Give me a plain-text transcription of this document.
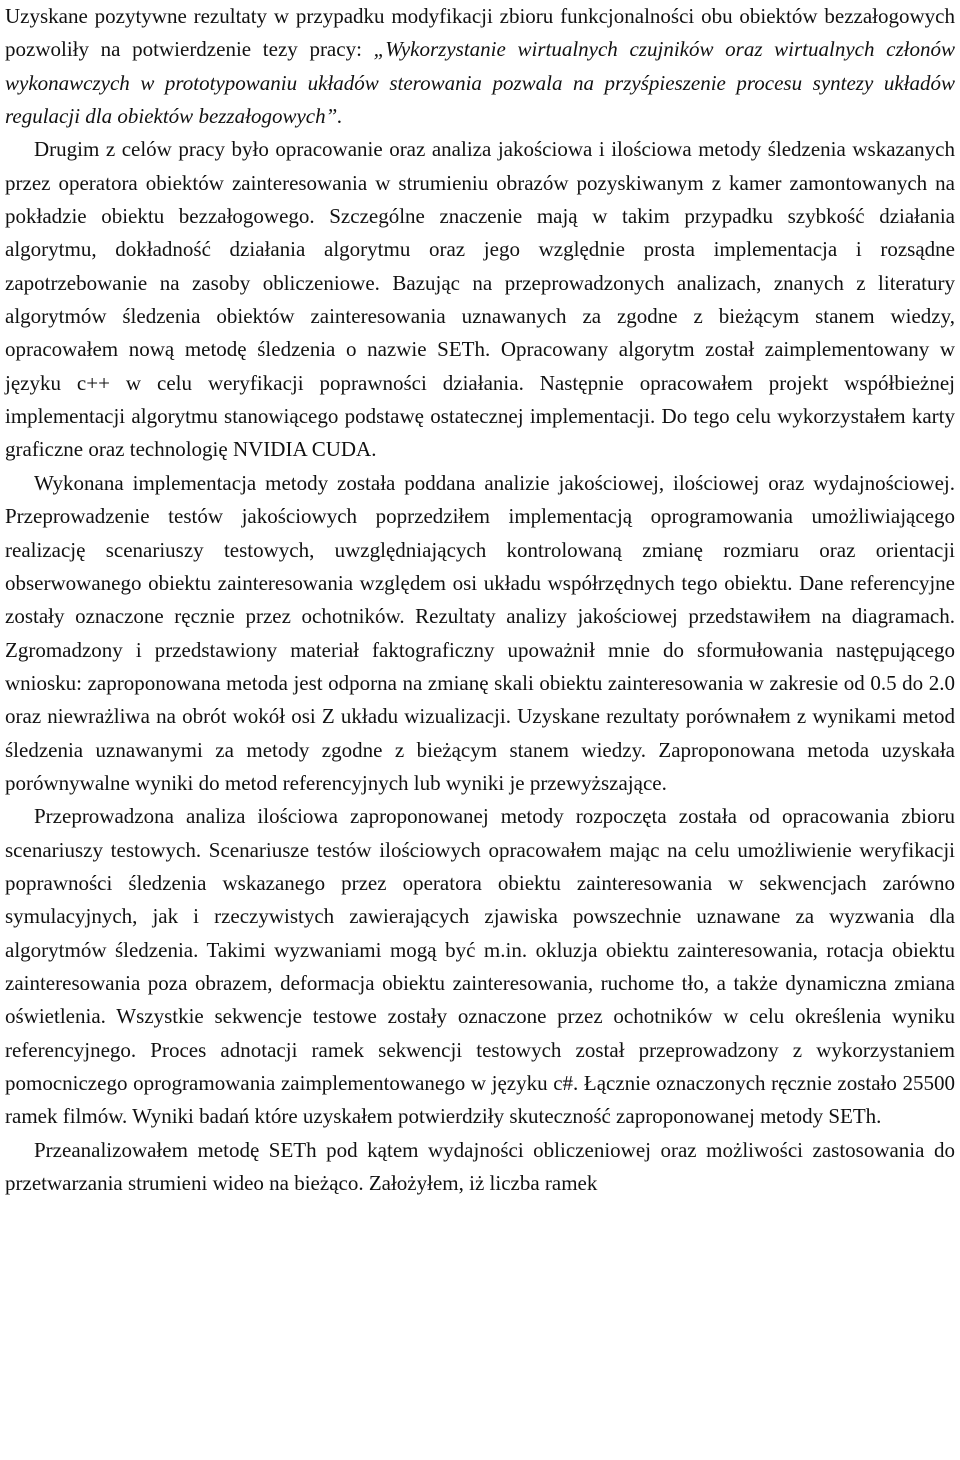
Uzyskane pozytywne rezultaty w przypadku modyfikacji zbioru funkcjonalności obu obiektów bezzałogowych pozwoliły na potwierdzenie tezy pracy: „Wykorzystanie wirtualnych czujników oraz wirtualnych członów wykonawczych w prototypowaniu układów sterowania pozwala na przyśpieszenie procesu syntezy układów regulacji dla obiektów bezzałogowych”.

Drugim z celów pracy było opracowanie oraz analiza jakościowa i ilościowa metody śledzenia wskazanych przez operatora obiektów zainteresowania w strumieniu obrazów pozyskiwanym z kamer zamontowanych na pokładzie obiektu bezzałogowego. Szczególne znaczenie mają w takim przypadku szybkość działania algorytmu, dokładność działania algorytmu oraz jego względnie prosta implementacja i rozsądne zapotrzebowanie na zasoby obliczeniowe. Bazując na przeprowadzonych analizach, znanych z literatury algorytmów śledzenia obiektów zainteresowania uznawanych za zgodne z bieżącym stanem wiedzy, opracowałem nową metodę śledzenia o nazwie SETh. Opracowany algorytm został zaimplementowany w języku c++ w celu weryfikacji poprawności działania. Następnie opracowałem projekt współbieżnej implementacji algorytmu stanowiącego podstawę ostatecznej implementacji. Do tego celu wykorzystałem karty graficzne oraz technologię NVIDIA CUDA.

Wykonana implementacja metody została poddana analizie jakościowej, ilościowej oraz wydajnościowej. Przeprowadzenie testów jakościowych poprzedziłem implementacją oprogramowania umożliwiającego realizację scenariuszy testowych, uwzględniających kontrolowaną zmianę rozmiaru oraz orientacji obserwowanego obiektu zainteresowania względem osi układu współrzędnych tego obiektu. Dane referencyjne zostały oznaczone ręcznie przez ochotników. Rezultaty analizy jakościowej przedstawiłem na diagramach. Zgromadzony i przedstawiony materiał faktograficzny upoważnił mnie do sformułowania następującego wniosku: zaproponowana metoda jest odporna na zmianę skali obiektu zainteresowania w zakresie od 0.5 do 2.0 oraz niewrażliwa na obrót wokół osi Z układu wizualizacji. Uzyskane rezultaty porównałem z wynikami metod śledzenia uznawanymi za metody zgodne z bieżącym stanem wiedzy. Zaproponowana metoda uzyskała porównywalne wyniki do metod referencyjnych lub wyniki je przewyższające.

Przeprowadzona analiza ilościowa zaproponowanej metody rozpoczęta została od opracowania zbioru scenariuszy testowych. Scenariusze testów ilościowych opracowałem mając na celu umożliwienie weryfikacji poprawności śledzenia wskazanego przez operatora obiektu zainteresowania w sekwencjach zarówno symulacyjnych, jak i rzeczywistych zawierających zjawiska powszechnie uznawane za wyzwania dla algorytmów śledzenia. Takimi wyzwaniami mogą być m.in. okluzja obiektu zainteresowania, rotacja obiektu zainteresowania poza obrazem, deformacja obiektu zainteresowania, ruchome tło, a także dynamiczna zmiana oświetlenia. Wszystkie sekwencje testowe zostały oznaczone przez ochotników w celu określenia wyniku referencyjnego. Proces adnotacji ramek sekwencji testowych został przeprowadzony z wykorzystaniem pomocniczego oprogramowania zaimplementowanego w języku c#. Łącznie oznaczonych ręcznie zostało 25500 ramek filmów. Wyniki badań które uzyskałem potwierdziły skuteczność zaproponowanej metody SETh.

Przeanalizowałem metodę SETh pod kątem wydajności obliczeniowej oraz możliwości zastosowania do przetwarzania strumieni wideo na bieżąco. Założyłem, iż liczba ramek
